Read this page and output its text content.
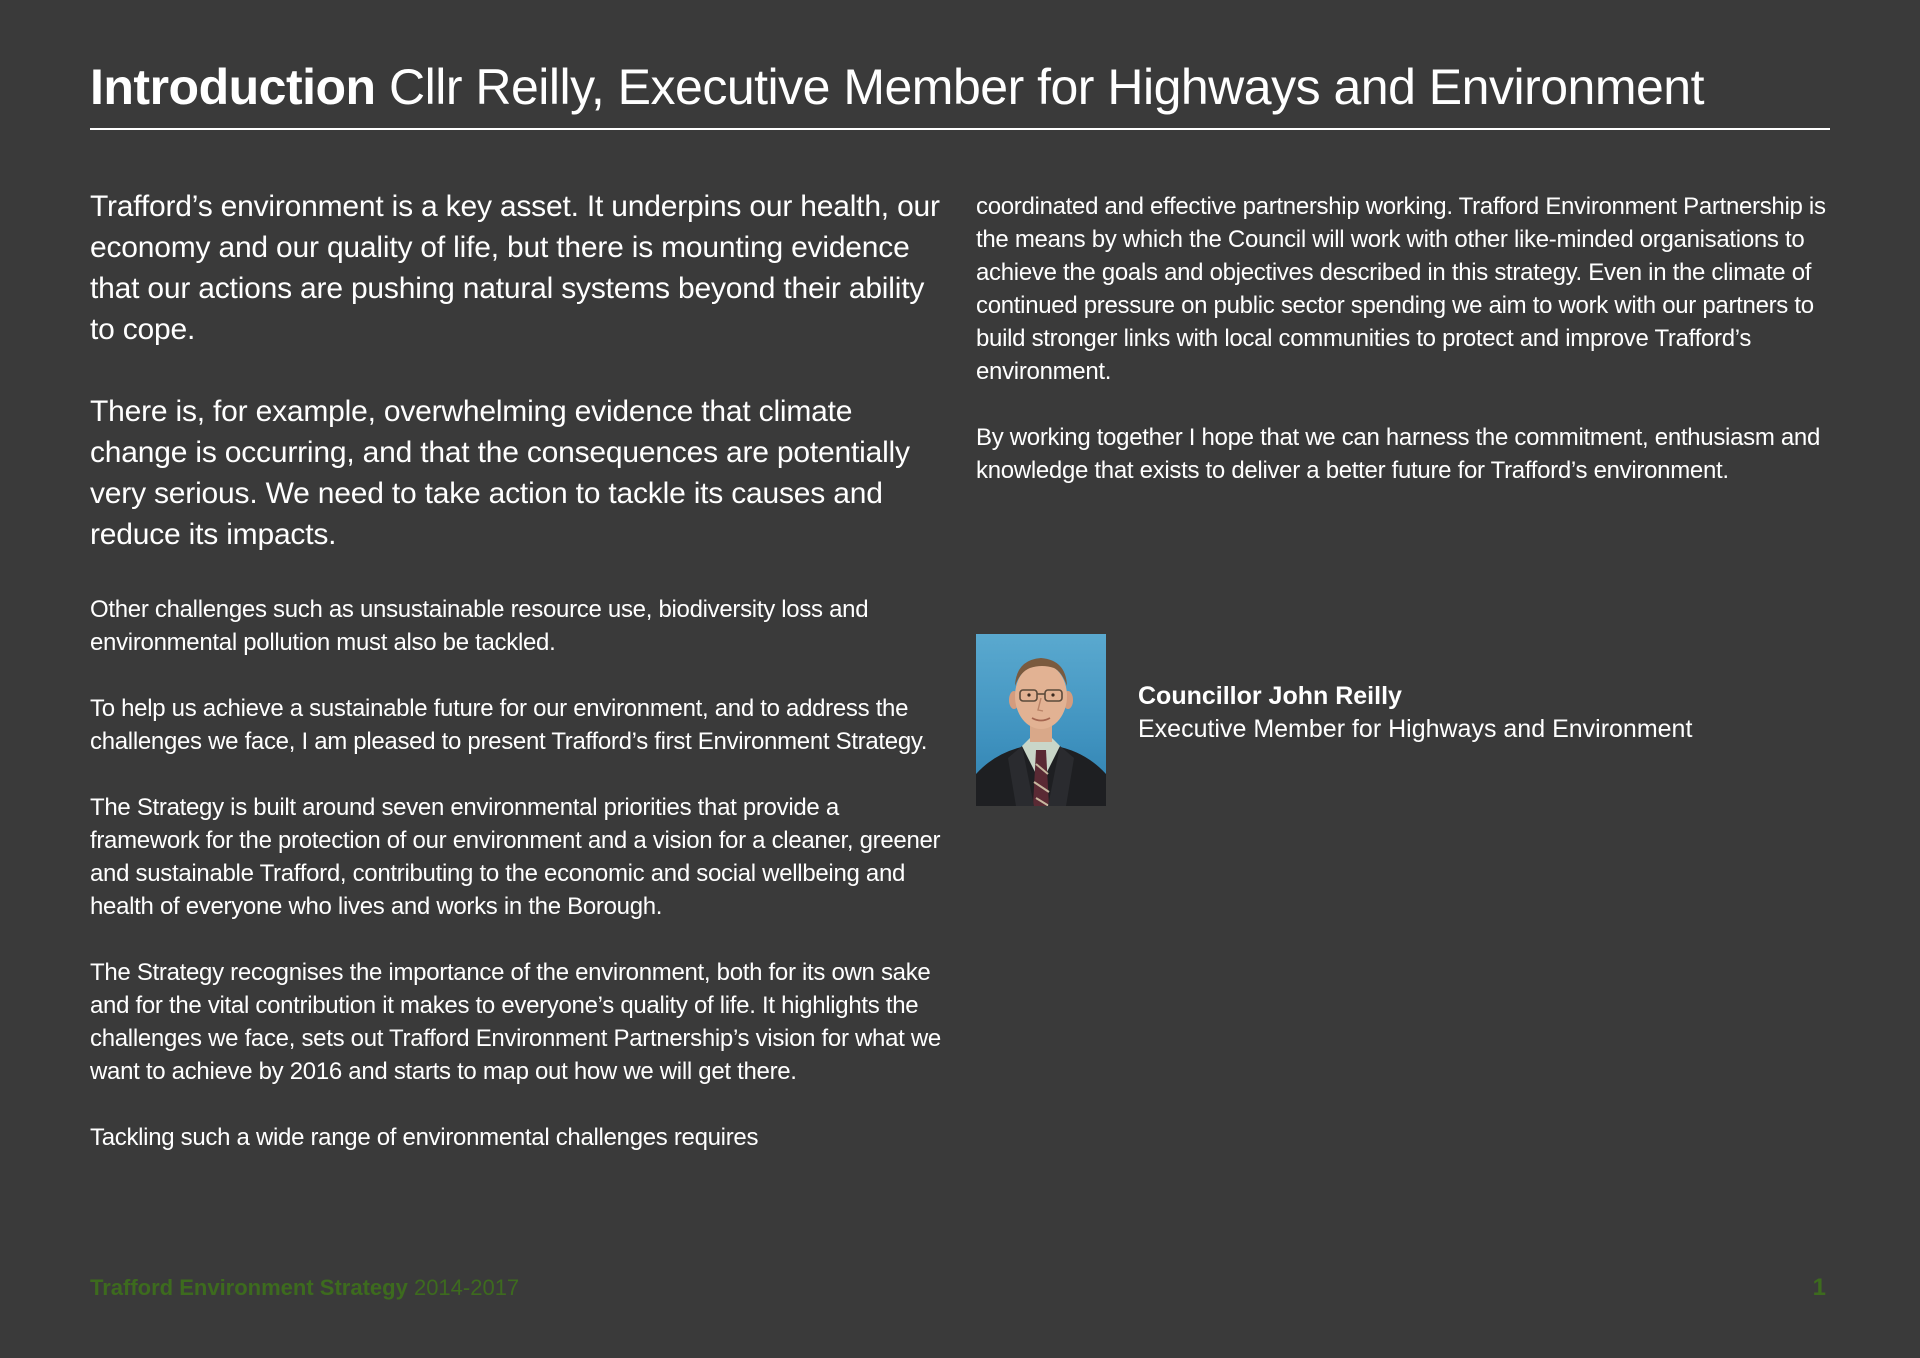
Introduction Cllr Reilly, Executive Member for Highways and Environment

Trafford’s environment is a key asset. It underpins our health, our economy and our quality of life, but there is mounting evidence that our actions are pushing natural systems beyond their ability to cope.

There is, for example, overwhelming evidence that climate change is occurring, and that the consequences are potentially very serious. We need to take action to tackle its causes and reduce its impacts.

Other challenges such as unsustainable resource use, biodiversity loss and environmental pollution must also be tackled.

To help us achieve a sustainable future for our environment, and to address the challenges we face, I am pleased to present Trafford’s first Environment Strategy.

The Strategy is built around seven environmental priorities that provide a framework for the protection of our environment and a vision for a cleaner, greener and sustainable Trafford, contributing to the economic and social wellbeing and health of everyone who lives and works in the Borough.

The Strategy recognises the importance of the environment, both for its own sake and for the vital contribution it makes to everyone’s quality of life. It highlights the challenges we face, sets out Trafford Environment Partnership’s vision for what we want to achieve by 2016 and starts to map out how we will get there.

Tackling such a wide range of environmental challenges requires

coordinated and effective partnership working. Trafford Environment Partnership is the means by which the Council will work with other like-minded organisations to achieve the goals and objectives described in this strategy. Even in the climate of continued pressure on public sector spending we aim to work with our partners to build stronger links with local communities to protect and improve Trafford’s environment.

By working together I hope that we can harness the commitment, enthusiasm and knowledge that exists to deliver a better future for Trafford’s environment.

Councillor John Reilly
Executive Member for Highways and Environment
Trafford Environment Strategy 2014-2017	1
